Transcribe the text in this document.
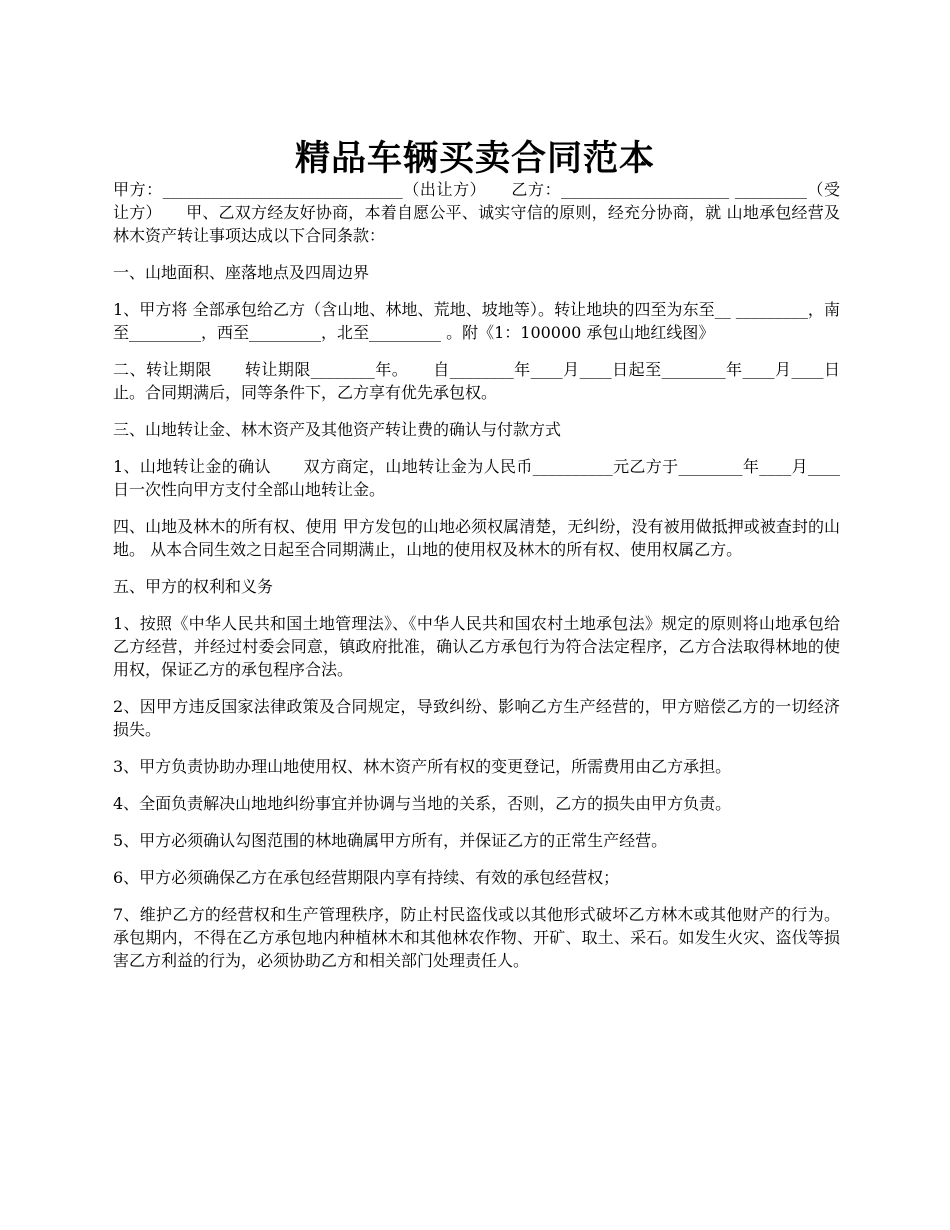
精品车辆买卖合同范本

甲方：______________________________（出让方）　　乙方：_____________________ _________（受让方）　　甲、乙双方经友好协商，本着自愿公平、诚实守信的原则，经充分协商，就 山地承包经营及林木资产转让事项达成以下合同条款：

一、山地面积、座落地点及四周边界

1、甲方将 全部承包给乙方（含山地、林地、荒地、坡地等）。转让地块的四至为东至__ _________，南至_________，西至_________，北至_________ 。附《1：100000 承包山地红线图》

二、转让期限　　转让期限________年。　　自________年____月____日起至________年____月____日止。合同期满后，同等条件下，乙方享有优先承包权。

三、山地转让金、林木资产及其他资产转让费的确认与付款方式

1、山地转让金的确认　　双方商定，山地转让金为人民币__________元乙方于________年____月____日一次性向甲方支付全部山地转让金。

四、山地及林木的所有权、使用 甲方发包的山地必须权属清楚，无纠纷，没有被用做抵押或被查封的山地。 从本合同生效之日起至合同期满止，山地的使用权及林木的所有权、使用权属乙方。

五、甲方的权利和义务

1、按照《中华人民共和国土地管理法》、《中华人民共和国农村土地承包法》规定的原则将山地承包给乙方经营，并经过村委会同意，镇政府批准，确认乙方承包行为符合法定程序，乙方合法取得林地的使用权，保证乙方的承包程序合法。

2、因甲方违反国家法律政策及合同规定，导致纠纷、影响乙方生产经营的，甲方赔偿乙方的一切经济损失。

3、甲方负责协助办理山地使用权、林木资产所有权的变更登记，所需费用由乙方承担。

4、全面负责解决山地地纠纷事宜并协调与当地的关系，否则，乙方的损失由甲方负责。

5、甲方必须确认勾图范围的林地确属甲方所有，并保证乙方的正常生产经营。

6、甲方必须确保乙方在承包经营期限内享有持续、有效的承包经营权；

7、维护乙方的经营权和生产管理秩序，防止村民盗伐或以其他形式破坏乙方林木或其他财产的行为。承包期内，不得在乙方承包地内种植林木和其他林农作物、开矿、取土、采石。如发生火灾、盗伐等损害乙方利益的行为，必须协助乙方和相关部门处理责任人。
